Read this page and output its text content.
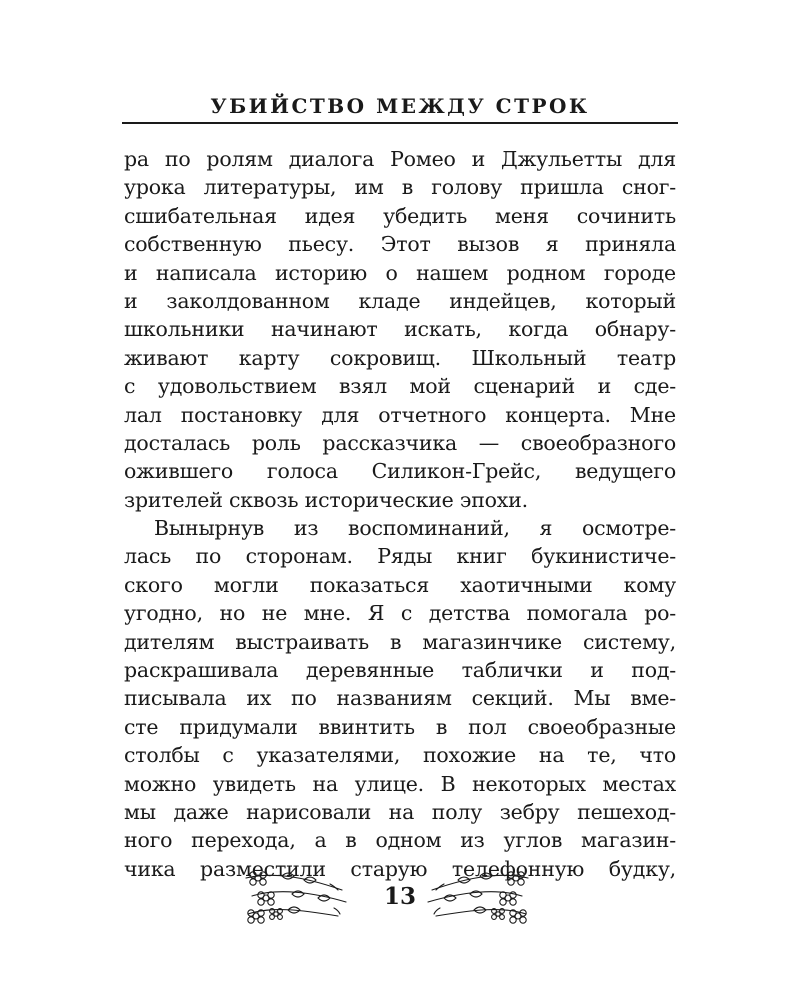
УБИЙСТВО МЕЖДУ СТРОК
ра по ролям диалога Ромео и Джульетты для
урока литературы, им в голову пришла сног-
сшибательная идея убедить меня сочинить
собственную пьесу. Этот вызов я приняла
и написала историю о нашем родном городе
и заколдованном кладе индейцев, который
школьники начинают искать, когда обнару-
живают карту сокровищ. Школьный театр
с удовольствием взял мой сценарий и сде-
лал постановку для отчетного концерта. Мне
досталась роль рассказчика — своеобразного
ожившего голоса Силикон-Грейс, ведущего
зрителей сквозь исторические эпохи.
Вынырнув из воспоминаний, я осмотре-
лась по сторонам. Ряды книг букинистиче-
ского могли показаться хаотичными кому
угодно, но не мне. Я с детства помогала ро-
дителям выстраивать в магазинчике систему,
раскрашивала деревянные таблички и под-
писывала их по названиям секций. Мы вме-
сте придумали ввинтить в пол своеобразные
столбы с указателями, похожие на те, что
можно увидеть на улице. В некоторых местах
мы даже нарисовали на полу зебру пешеход-
ного перехода, а в одном из углов магазин-
чика разместили старую телефонную будку,
13
